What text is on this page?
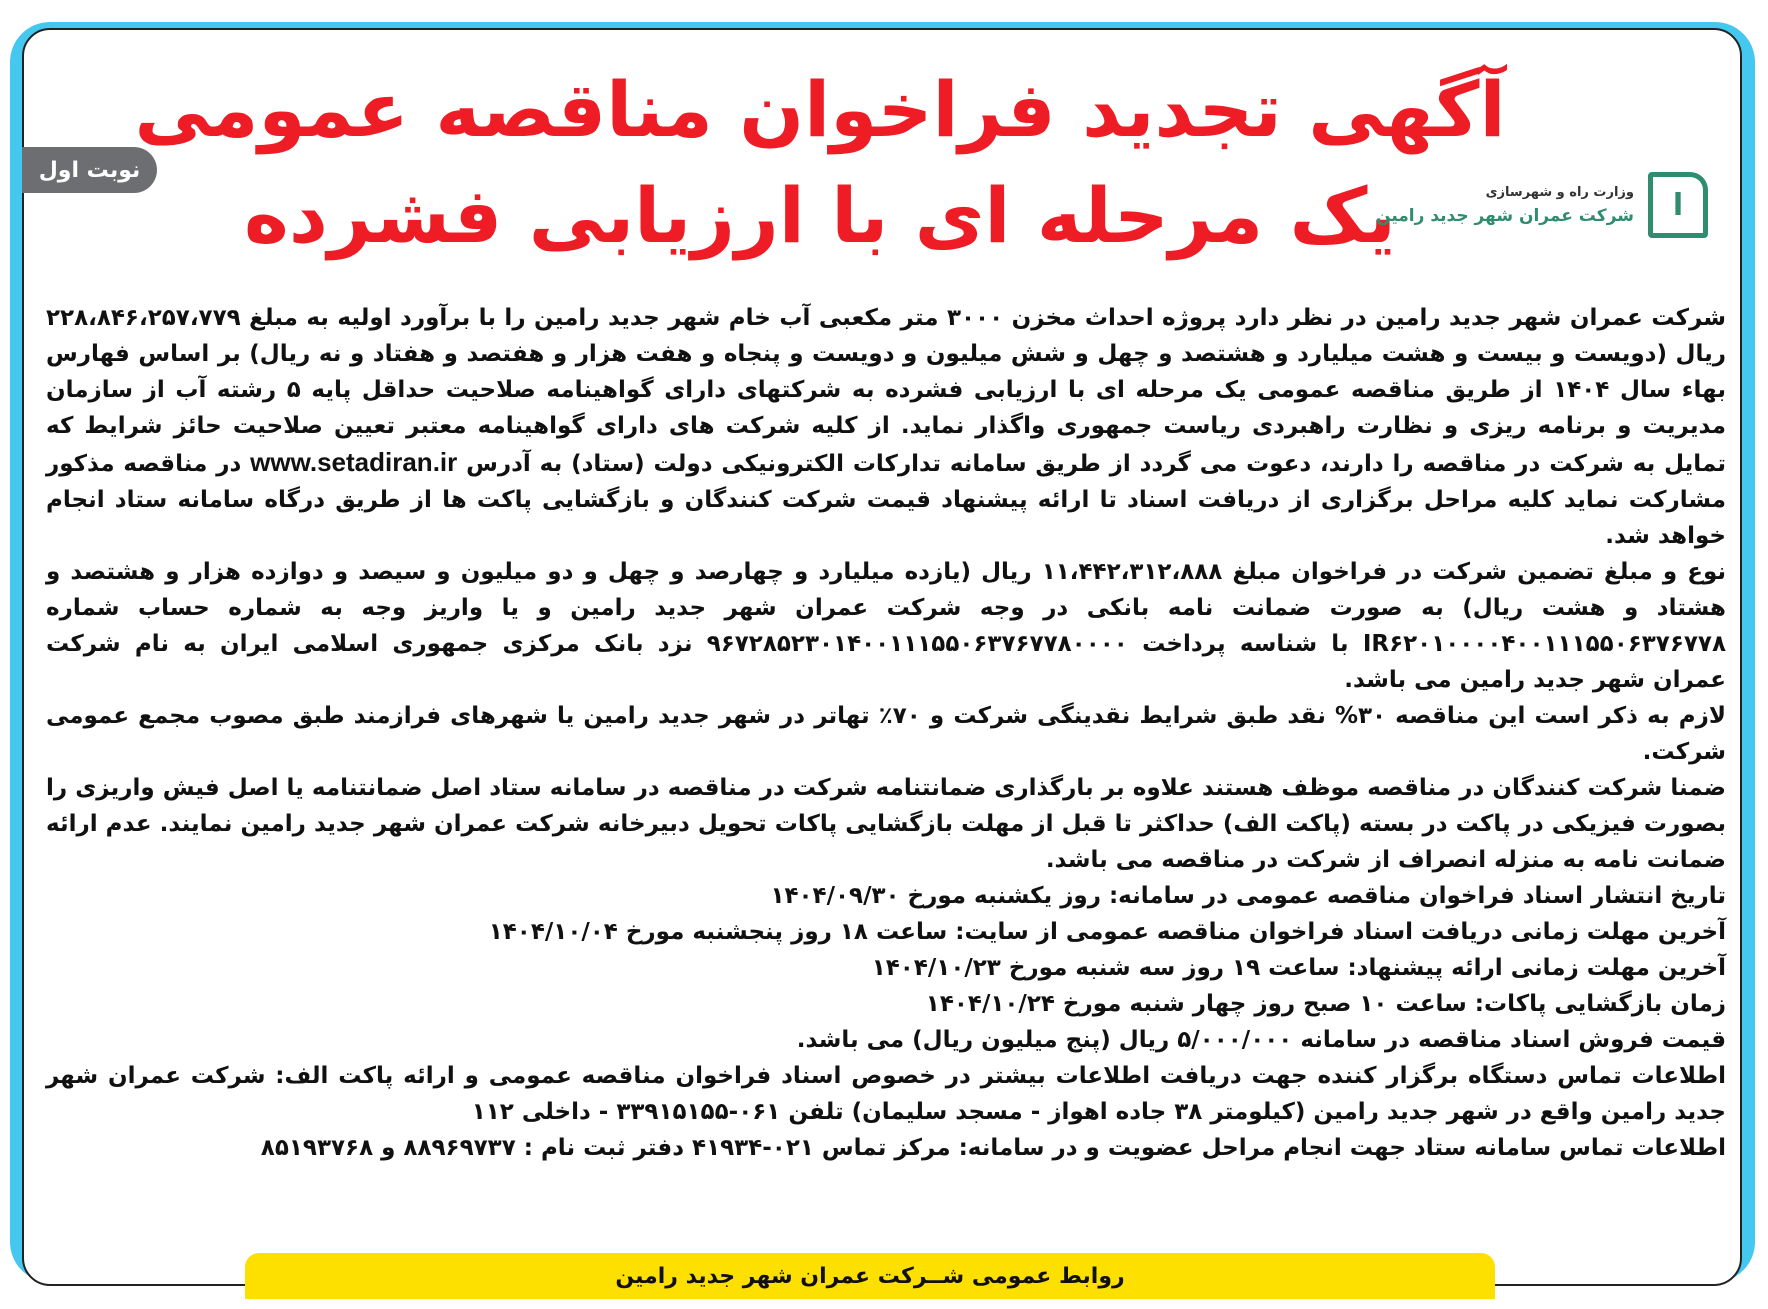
نوبت اول
آگهی تجدید فراخوان مناقصه عمومی
یک مرحله ای با ارزیابی فشرده	ا
وزارت راه و شهرسازی
شرکت عمران شهر جدید رامین

شرکت عمران شهر جدید رامین در نظر دارد پروژه احداث مخزن ۳۰۰۰ متر مکعبی آب خام شهر جدید رامین را با برآورد اولیه به مبلغ ۲۲۸،۸۴۶،۲۵۷،۷۷۹ ریال (دویست و بیست و هشت میلیارد و هشتصد و چهل و شش میلیون و دویست و پنجاه و هفت هزار و هفتصد و هفتاد و نه ریال) بر اساس فهارس بهاء سال ۱۴۰۴ از طریق مناقصه عمومی یک مرحله ای با ارزیابی فشرده به شرکتهای دارای گواهینامه صلاحیت حداقل پایه ۵ رشته آب از سازمان مدیریت و برنامه ریزی و نظارت راهبردی ریاست جمهوری واگذار نماید. از کلیه شرکت های دارای گواهینامه معتبر تعیین صلاحیت حائز شرایط که تمایل به شرکت در مناقصه را دارند، دعوت می گردد از طریق سامانه تدارکات الکترونیکی دولت (ستاد) به آدرس www.setadiran.ir در مناقصه مذکور مشارکت نماید کلیه مراحل برگزاری از دریافت اسناد تا ارائه پیشنهاد قیمت شرکت کنندگان و بازگشایی پاکت ها از طریق درگاه سامانه ستاد انجام خواهد شد.

نوع و مبلغ تضمین شرکت در فراخوان مبلغ ۱۱،۴۴۲،۳۱۲،۸۸۸ ریال (یازده میلیارد و چهارصد و چهل و دو میلیون و سیصد و دوازده هزار و هشتصد و هشتاد و هشت ریال) به صورت ضمانت نامه بانکی در وجه شرکت عمران شهر جدید رامین و یا واریز وجه به شماره حساب شماره IR۶۲۰۱۰۰۰۰۴۰۰۱۱۱۵۵۰۶۳۷۶۷۷۸ با شناسه پرداخت ۹۶۷۲۸۵۲۳۰۱۴۰۰۱۱۱۵۵۰۶۳۷۶۷۷۸۰۰۰۰ نزد بانک مرکزی جمهوری اسلامی ایران به نام شرکت عمران شهر جدید رامین می باشد.

لازم به ذکر است این مناقصه ۳۰% نقد طبق شرایط نقدینگی شرکت و ۷۰٪ تهاتر در شهر جدید رامین یا شهرهای فرازمند طبق مصوب مجمع عمومی شرکت.

ضمنا شرکت کنندگان در مناقصه موظف هستند علاوه بر بارگذاری ضمانتنامه شرکت در مناقصه در سامانه ستاد اصل ضمانتنامه یا اصل فیش واریزی را بصورت فیزیکی در پاکت در بسته (پاکت الف) حداکثر تا قبل از مهلت بازگشایی پاکات تحویل دبیرخانه شرکت عمران شهر جدید رامین نمایند. عدم ارائه ضمانت نامه به منزله انصراف از شرکت در مناقصه می باشد.

تاریخ انتشار اسناد فراخوان مناقصه عمومی در سامانه: روز یکشنبه مورخ ۱۴۰۴/۰۹/۳۰

آخرین مهلت زمانی دریافت اسناد فراخوان مناقصه عمومی از سایت: ساعت ۱۸ روز پنجشنبه مورخ ۱۴۰۴/۱۰/۰۴

آخرین مهلت زمانی ارائه پیشنهاد: ساعت ۱۹ روز سه شنبه مورخ ۱۴۰۴/۱۰/۲۳

زمان بازگشایی پاکات: ساعت ۱۰ صبح روز چهار شنبه مورخ ۱۴۰۴/۱۰/۲۴

قیمت فروش اسناد مناقصه در سامانه ۵/۰۰۰/۰۰۰ ریال (پنج میلیون ریال) می باشد.

اطلاعات تماس دستگاه برگزار کننده جهت دریافت اطلاعات بیشتر در خصوص اسناد فراخوان مناقصه عمومی و ارائه پاکت الف: شرکت عمران شهر جدید رامین واقع در شهر جدید رامین (کیلومتر ۳۸ جاده اهواز - مسجد سلیمان) تلفن ۰۶۱-۳۳۹۱۵۱۵۵ - داخلی ۱۱۲

اطلاعات تماس سامانه ستاد جهت انجام مراحل عضویت و در سامانه: مرکز تماس ۰۲۱-۴۱۹۳۴ دفتر ثبت نام : ۸۸۹۶۹۷۳۷ و ۸۵۱۹۳۷۶۸

روابط عمومی شــرکت عمران شهر جدید رامین
